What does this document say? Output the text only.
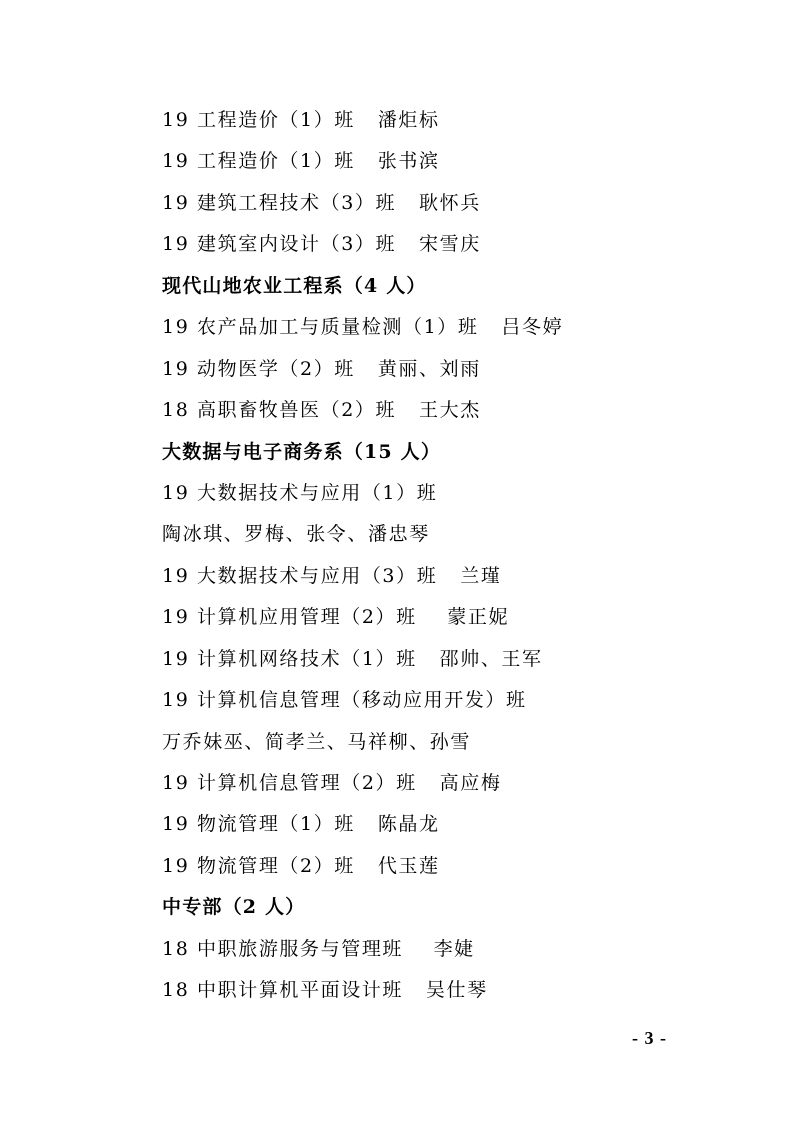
19 工程造价（1）班   潘炬标
19 工程造价（1）班   张书滨
19 建筑工程技术（3）班   耿怀兵
19 建筑室内设计（3）班   宋雪庆
现代山地农业工程系（4 人）
19 农产品加工与质量检测（1）班   吕冬婷
19 动物医学（2）班   黄丽、刘雨
18 高职畜牧兽医（2）班   王大杰
大数据与电子商务系（15 人）
19 大数据技术与应用（1）班
陶冰琪、罗梅、张令、潘忠琴
19 大数据技术与应用（3）班   兰瑾
19 计算机应用管理（2）班    蒙正妮
19 计算机网络技术（1）班   邵帅、王军
19 计算机信息管理（移动应用开发）班
万乔妹巫、简孝兰、马祥柳、孙雪
19 计算机信息管理（2）班   高应梅
19 物流管理（1）班   陈晶龙
19 物流管理（2）班   代玉莲
中专部（2 人）
18 中职旅游服务与管理班    李婕
18 中职计算机平面设计班   吴仕琴
- 3 -
